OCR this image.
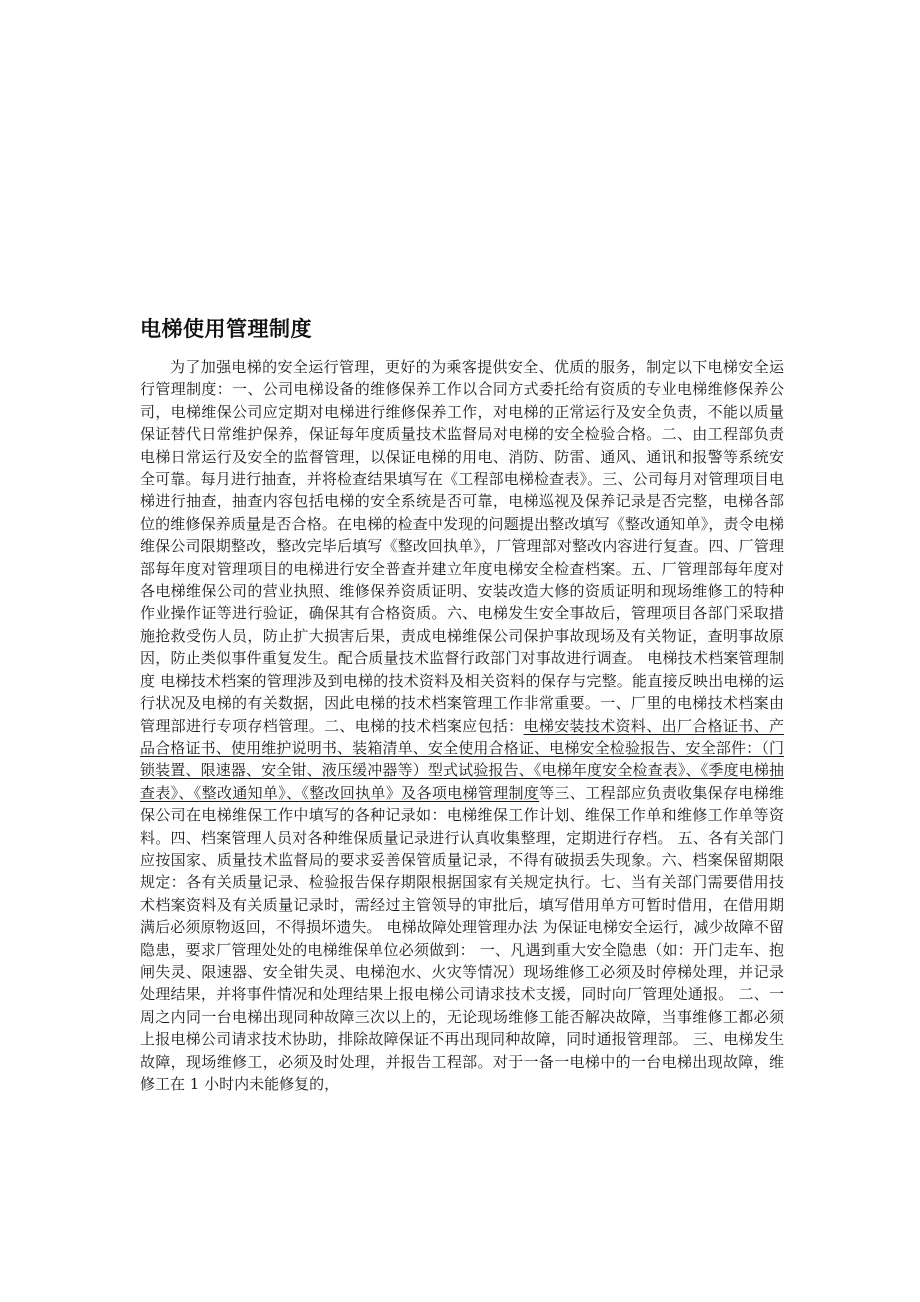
电梯使用管理制度

为了加强电梯的安全运行管理，更好的为乘客提供安全、优质的服务，制定以下电梯安全运行管理制度：一、公司电梯设备的维修保养工作以合同方式委托给有资质的专业电梯维修保养公司，电梯维保公司应定期对电梯进行维修保养工作，对电梯的正常运行及安全负责，不能以质量保证替代日常维护保养，保证每年度质量技术监督局对电梯的安全检验合格。二、由工程部负责电梯日常运行及安全的监督管理，以保证电梯的用电、消防、防雷、通风、通讯和报警等系统安全可靠。每月进行抽查，并将检查结果填写在《工程部电梯检查表》。三、公司每月对管理项目电梯进行抽查，抽查内容包括电梯的安全系统是否可靠，电梯巡视及保养记录是否完整，电梯各部位的维修保养质量是否合格。在电梯的检查中发现的问题提出整改填写《整改通知单》，责令电梯维保公司限期整改，整改完毕后填写《整改回执单》，厂管理部对整改内容进行复查。四、厂管理部每年度对管理项目的电梯进行安全普查并建立年度电梯安全检查档案。五、厂管理部每年度对各电梯维保公司的营业执照、维修保养资质证明、安装改造大修的资质证明和现场维修工的特种作业操作证等进行验证，确保其有合格资质。六、电梯发生安全事故后，管理项目各部门采取措施抢救受伤人员，防止扩大损害后果，责成电梯维保公司保护事故现场及有关物证，查明事故原因，防止类似事件重复发生。配合质量技术监督行政部门对事故进行调查。 电梯技术档案管理制度 电梯技术档案的管理涉及到电梯的技术资料及相关资料的保存与完整。能直接反映出电梯的运行状况及电梯的有关数据，因此电梯的技术档案管理工作非常重要。一、厂里的电梯技术档案由管理部进行专项存档管理。二、电梯的技术档案应包括：电梯安装技术资料、出厂合格证书、产品合格证书、使用维护说明书、装箱清单、安全使用合格证、电梯安全检验报告、安全部件：（门锁装置、限速器、安全钳、液压缓冲器等）型式试验报告、《电梯年度安全检查表》、《季度电梯抽查表》、《整改通知单》、《整改回执单》及各项电梯管理制度等三、工程部应负责收集保存电梯维保公司在电梯维保工作中填写的各种记录如：电梯维保工作计划、维保工作单和维修工作单等资料。四、档案管理人员对各种维保质量记录进行认真收集整理，定期进行存档。 五、各有关部门应按国家、质量技术监督局的要求妥善保管质量记录，不得有破损丢失现象。六、档案保留期限规定：各有关质量记录、检验报告保存期限根据国家有关规定执行。七、当有关部门需要借用技术档案资料及有关质量记录时，需经过主管领导的审批后，填写借用单方可暂时借用，在借用期满后必须原物返回，不得损坏遗失。 电梯故障处理管理办法 为保证电梯安全运行，减少故障不留隐患，要求厂管理处处的电梯维保单位必须做到： 一、凡遇到重大安全隐患（如：开门走车、抱闸失灵、限速器、安全钳失灵、电梯泡水、火灾等情况）现场维修工必须及时停梯处理，并记录处理结果，并将事件情况和处理结果上报电梯公司请求技术支援，同时向厂管理处通报。 二、一周之内同一台电梯出现同种故障三次以上的，无论现场维修工能否解决故障，当事维修工都必须上报电梯公司请求技术协助，排除故障保证不再出现同种故障，同时通报管理部。 三、电梯发生故障，现场维修工，必须及时处理，并报告工程部。对于一备一电梯中的一台电梯出现故障，维修工在 1 小时内未能修复的，
